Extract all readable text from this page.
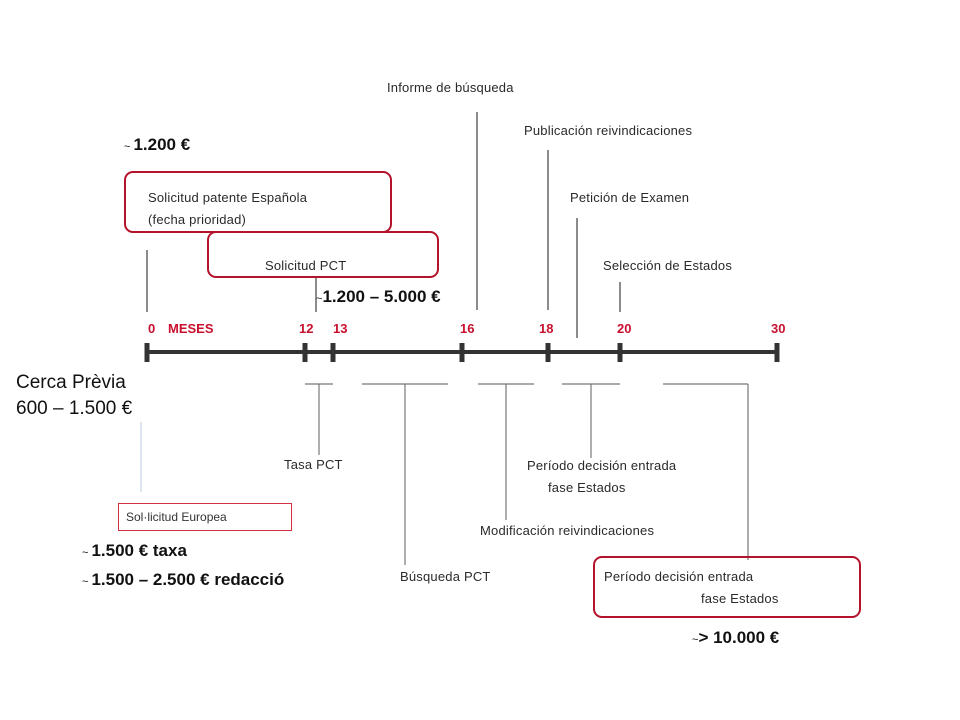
0 MESES	12 13	16	18	20	30
Informe de búsqueda
Publicación reivindicaciones
Petición de Examen
Selección de Estados
Solicitud patente Española
(fecha prioridad)
Solicitud PCT
~ 1.200 €
~1.200 – 5.000 €
Cerca Prèvia
600 – 1.500 €
Sol·licitud Europea
~ 1.500 € taxa
~ 1.500 – 2.500 € redacció
Tasa PCT	Período decisión entrada
fase Estados
Modificación reivindicaciones
Búsqueda PCT	Período decisión entrada
fase Estados
~> 10.000 €
